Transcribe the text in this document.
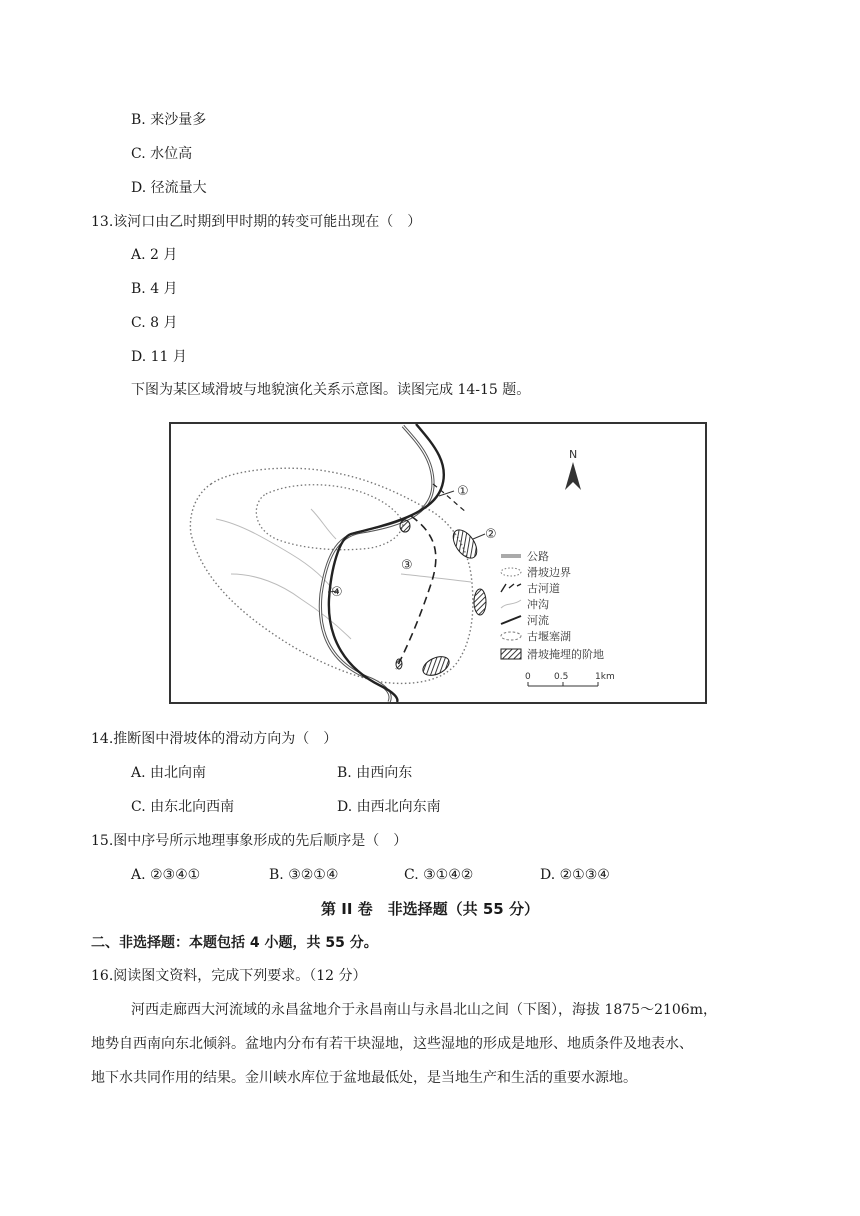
B. 来沙量多
C. 水位高
D. 径流量大
13.该河口由乙时期到甲时期的转变可能出现在（　）
A. 2 月
B. 4 月
C. 8 月
D. 11 月
下图为某区域滑坡与地貌演化关系示意图。读图完成 14-15 题。
①
②
③
④
N
公路
滑坡边界
古河道
冲沟
河流
古堰塞湖
滑坡掩埋的阶地
0	0.5	1km
14.推断图中滑坡体的滑动方向为（　）
A. 由北向南	B. 由西向东
C. 由东北向西南	D. 由西北向东南
15.图中序号所示地理事象形成的先后顺序是（　）
A. ②③④①	B. ③②①④	C. ③①④②	D. ②①③④
第 II 卷　非选择题（共 55 分）
二、非选择题：本题包括 4 小题，共 55 分。
16.阅读图文资料，完成下列要求。（12 分）
河西走廊西大河流域的永昌盆地介于永昌南山与永昌北山之间（下图），海拔 1875～2106m，
地势自西南向东北倾斜。盆地内分布有若干块湿地，这些湿地的形成是地形、地质条件及地表水、
地下水共同作用的结果。金川峡水库位于盆地最低处，是当地生产和生活的重要水源地。
